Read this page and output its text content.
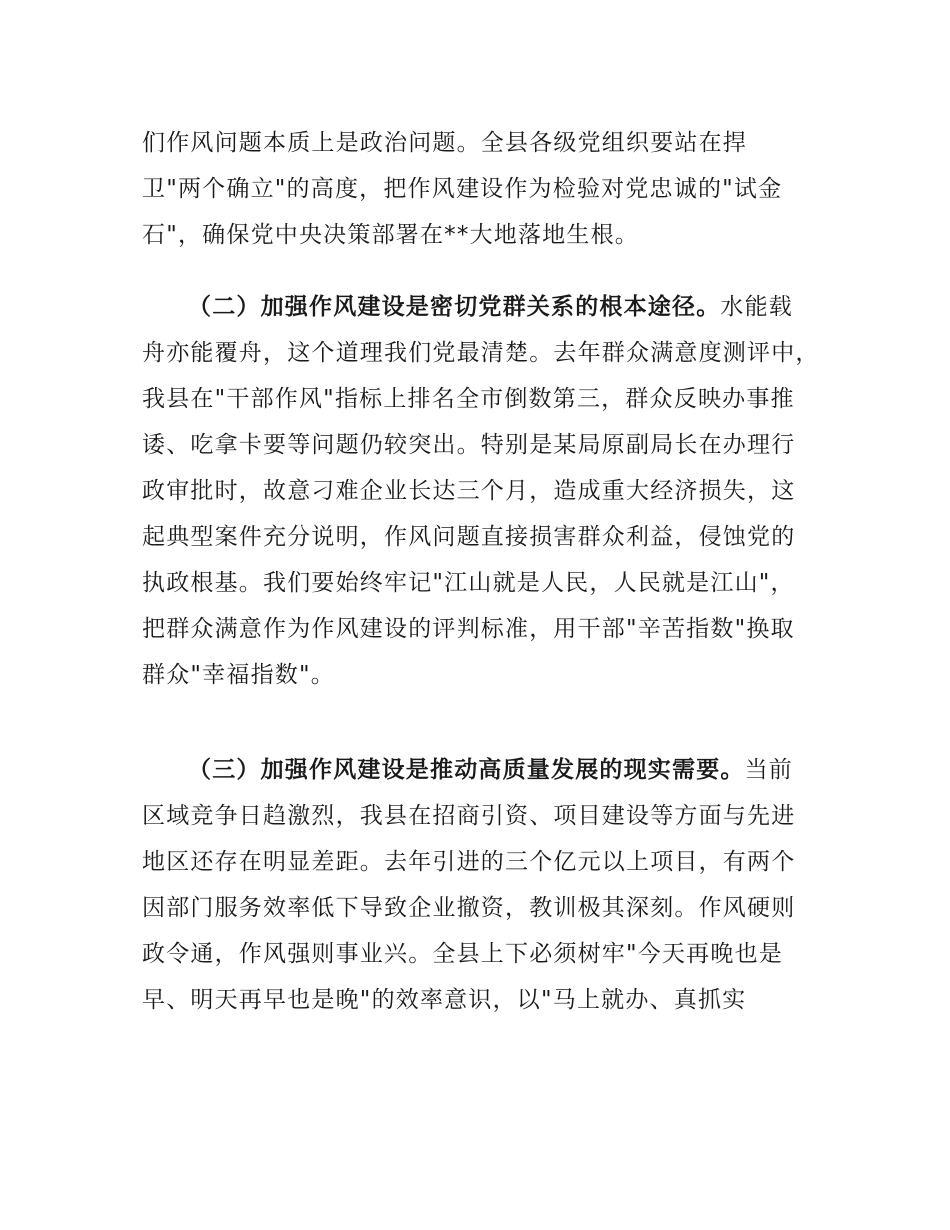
们作风问题本质上是政治问题。全县各级党组织要站在捍
卫"两个确立"的高度，把作风建设作为检验对党忠诚的"试金
石"，确保党中央决策部署在**大地落地生根。
（二）加强作风建设是密切党群关系的根本途径。水能载
舟亦能覆舟，这个道理我们党最清楚。去年群众满意度测评中，
我县在"干部作风"指标上排名全市倒数第三，群众反映办事推
诿、吃拿卡要等问题仍较突出。特别是某局原副局长在办理行
政审批时，故意刁难企业长达三个月，造成重大经济损失，这
起典型案件充分说明，作风问题直接损害群众利益，侵蚀党的
执政根基。我们要始终牢记"江山就是人民，人民就是江山"，
把群众满意作为作风建设的评判标准，用干部"辛苦指数"换取
群众"幸福指数"。
（三）加强作风建设是推动高质量发展的现实需要。当前
区域竞争日趋激烈，我县在招商引资、项目建设等方面与先进
地区还存在明显差距。去年引进的三个亿元以上项目，有两个
因部门服务效率低下导致企业撤资，教训极其深刻。作风硬则
政令通，作风强则事业兴。全县上下必须树牢"今天再晚也是
早、明天再早也是晚"的效率意识，以"马上就办、真抓实
